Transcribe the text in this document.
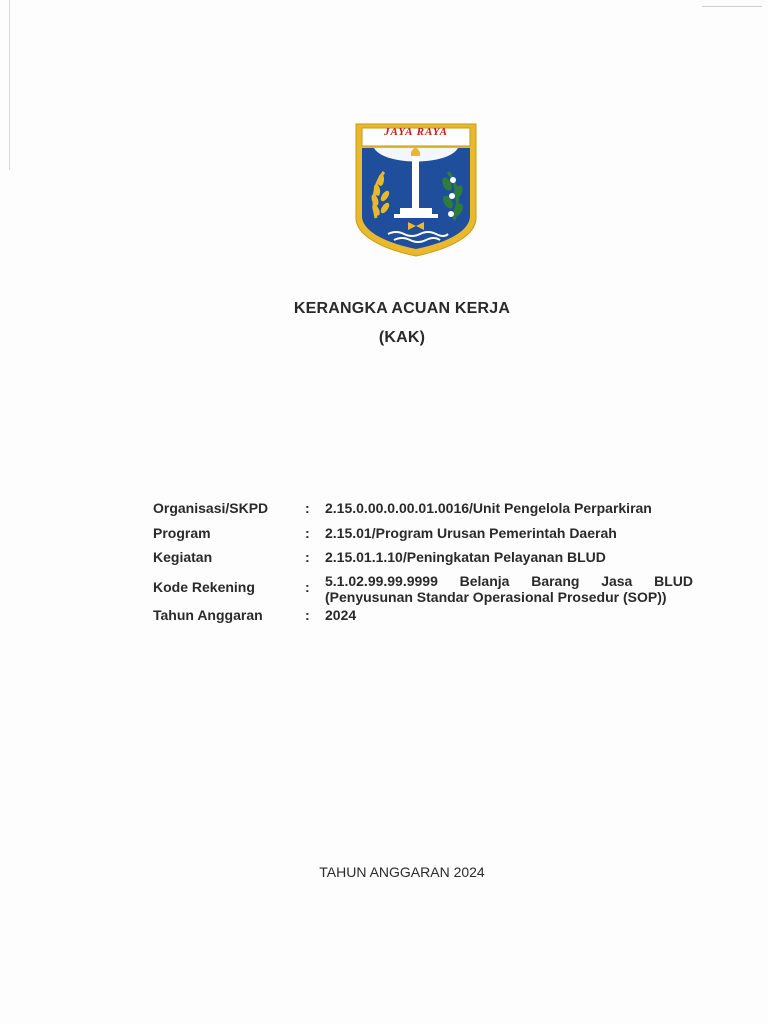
JAYA RAYA
KERANGKA ACUAN KERJA
(KAK)
Organisasi/SKPD	:	2.15.0.00.0.00.01.0016/Unit Pengelola Perparkiran
Program	:	2.15.01/Program Urusan Pemerintah Daerah
Kegiatan	:	2.15.01.1.10/Peningkatan Pelayanan BLUD
Kode Rekening	:	5.1.02.99.99.9999 Belanja Barang Jasa BLUD
(Penyusunan Standar Operasional Prosedur (SOP))
Tahun Anggaran	:	2024
TAHUN ANGGARAN 2024
